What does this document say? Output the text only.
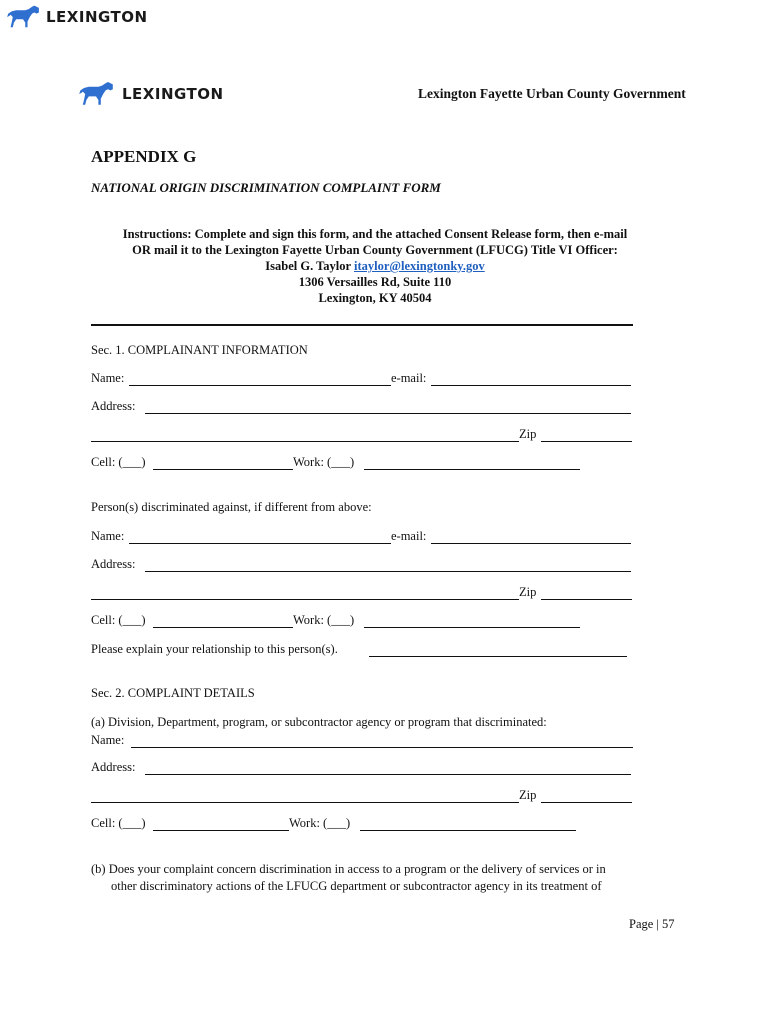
LEXINGTON
LEXINGTON	Lexington Fayette Urban County Government
APPENDIX G
NATIONAL ORIGIN DISCRIMINATION COMPLAINT FORM
Instructions: Complete and sign this form, and the attached Consent Release form, then e-mail
OR mail it to the Lexington Fayette Urban County Government (LFUCG) Title VI Officer:
Isabel G. Taylor itaylor@lexingtonky.gov
1306 Versailles Rd, Suite 110
Lexington, KY 40504
Sec. 1. COMPLAINANT INFORMATION
Name:	e-mail:
Address:
Zip
Cell: (___)	Work: (___)
Person(s) discriminated against, if different from above:
Name:	e-mail:
Address:
Zip
Cell: (___)	Work: (___)
Please explain your relationship to this person(s).
Sec. 2. COMPLAINT DETAILS
(a) Division, Department, program, or subcontractor agency or program that discriminated:
Name:
Address:
Zip
Cell: (___)	Work: (___)
(b) Does your complaint concern discrimination in access to a program or the delivery of services or in
other discriminatory actions of the LFUCG department or subcontractor agency in its treatment of
Page | 57
